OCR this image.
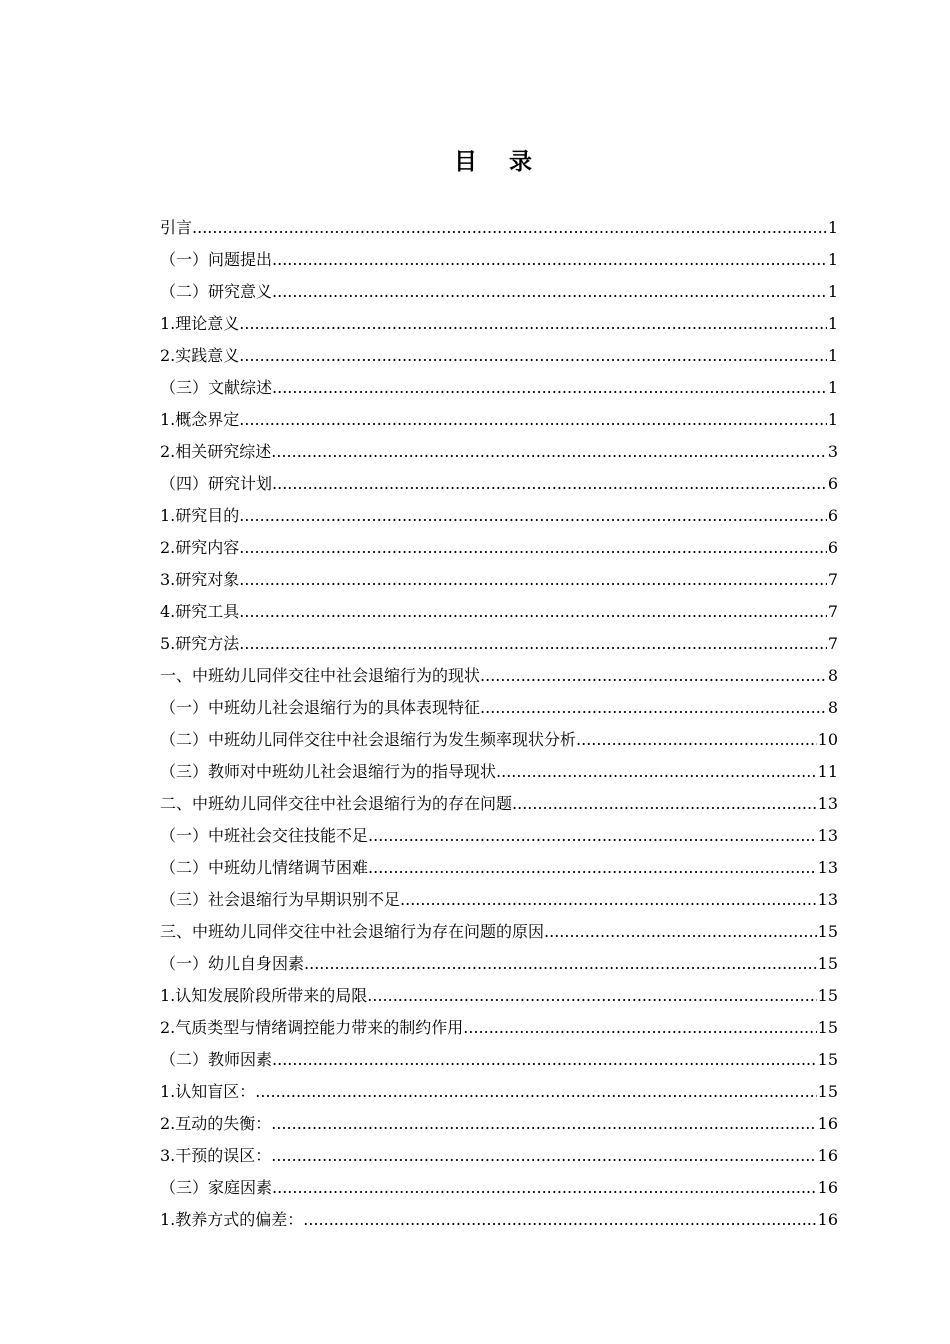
目 录
引言 .....	1
（一）问题提出 .....	1
（二）研究意义 .....	1
1.理论意义 .....	1
2.实践意义 .....	1
（三）文献综述 .....	1
1.概念界定 .....	1
2.相关研究综述 .....	3
（四）研究计划 .....	6
1.研究目的 .....	6
2.研究内容 .....	6
3.研究对象 .....	7
4.研究工具 .....	7
5.研究方法 .....	7
一、中班幼儿同伴交往中社会退缩行为的现状 .....	8
（一）中班幼儿社会退缩行为的具体表现特征 .....	8
（二）中班幼儿同伴交往中社会退缩行为发生频率现状分析 .....	10
（三）教师对中班幼儿社会退缩行为的指导现状 .....	11
二、中班幼儿同伴交往中社会退缩行为的存在问题 .....	13
（一）中班社会交往技能不足 .....	13
（二）中班幼儿情绪调节困难 .....	13
（三）社会退缩行为早期识别不足 .....	13
三、中班幼儿同伴交往中社会退缩行为存在问题的原因 .....	15
（一）幼儿自身因素 .....	15
1.认知发展阶段所带来的局限 .....	15
2.气质类型与情绪调控能力带来的制约作用 .....	15
（二）教师因素 .....	15
1.认知盲区： .....	15
2.互动的失衡： .....	16
3.干预的误区： .....	16
（三）家庭因素 .....	16
1.教养方式的偏差： .....	16
